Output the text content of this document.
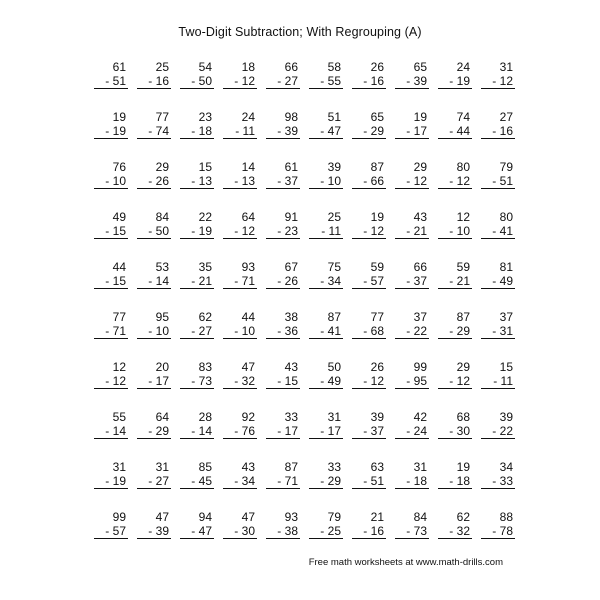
Two-Digit Subtraction; With Regrouping (A)
61
- 51
25
- 16
54
- 50
18
- 12
66
- 27
58
- 55
26
- 16
65
- 39
24
- 19
31
- 12
19
- 19
77
- 74
23
- 18
24
- 11
98
- 39
51
- 47
65
- 29
19
- 17
74
- 44
27
- 16
76
- 10
29
- 26
15
- 13
14
- 13
61
- 37
39
- 10
87
- 66
29
- 12
80
- 12
79
- 51
49
- 15
84
- 50
22
- 19
64
- 12
91
- 23
25
- 11
19
- 12
43
- 21
12
- 10
80
- 41
44
- 15
53
- 14
35
- 21
93
- 71
67
- 26
75
- 34
59
- 57
66
- 37
59
- 21
81
- 49
77
- 71
95
- 10
62
- 27
44
- 10
38
- 36
87
- 41
77
- 68
37
- 22
87
- 29
37
- 31
12
- 12
20
- 17
83
- 73
47
- 32
43
- 15
50
- 49
26
- 12
99
- 95
29
- 12
15
- 11
55
- 14
64
- 29
28
- 14
92
- 76
33
- 17
31
- 17
39
- 37
42
- 24
68
- 30
39
- 22
31
- 19
31
- 27
85
- 45
43
- 34
87
- 71
33
- 29
63
- 51
31
- 18
19
- 18
34
- 33
99
- 57
47
- 39
94
- 47
47
- 30
93
- 38
79
- 25
21
- 16
84
- 73
62
- 32
88
- 78
Free math worksheets at www.math-drills.com
